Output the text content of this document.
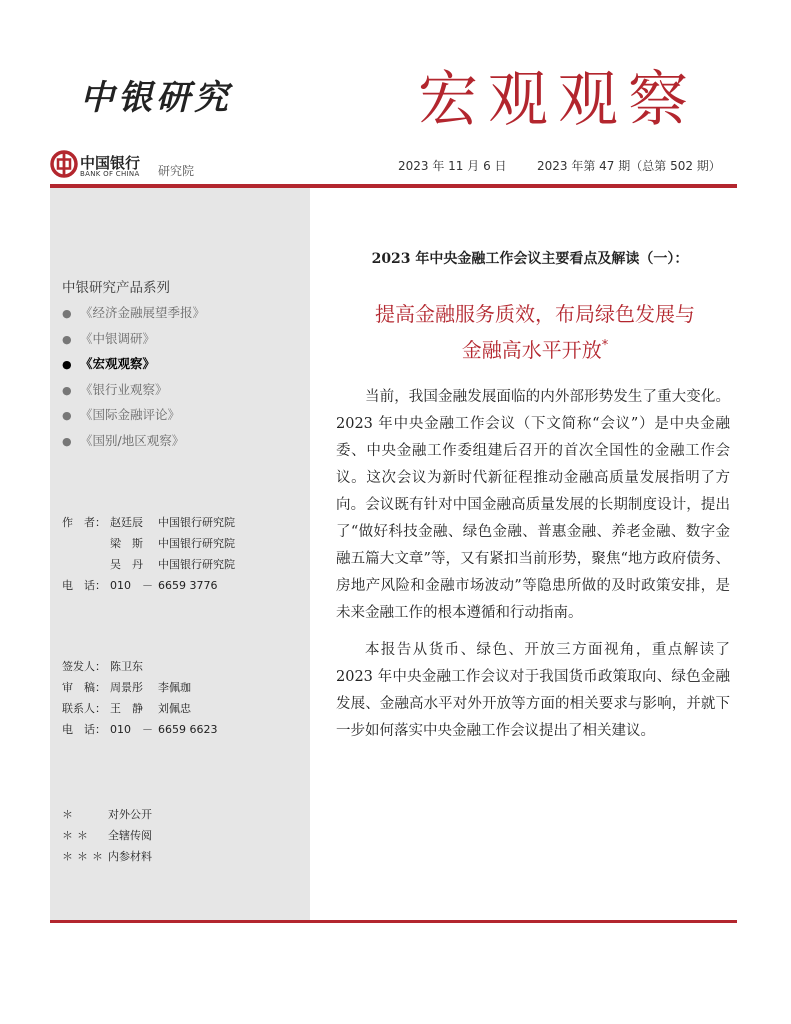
中银研究	宏观观察
中国银行
BANK OF CHINA 研究院	2023 年 11 月 6 日	2023 年第 47 期（总第 502 期）
中银研究产品系列
● 《经济金融展望季报》
● 《中银调研》
● 《宏观观察》
● 《银行业观察》
● 《国际金融评论》
● 《国别/地区观察》
作　者： 赵廷辰 中国银行研究院
梁　斯 中国银行研究院
吴　丹 中国银行研究院
电　话： 010　－ 6659 3776
签发人： 陈卫东
审　稿： 周景彤 李佩珈
联系人： 王　静 刘佩忠
电　话： 010　－ 6659 6623
＊	对外公开
＊＊ 全辖传阅
＊＊＊内参材料
2023 年中央金融工作会议主要看点及解读（一）：
提高金融服务质效，布局绿色发展与
金融高水平开放*

当前，我国金融发展面临的内外部形势发生了重大变化。2023 年中央金融工作会议（下文简称“会议”）是中央金融委、中央金融工作委组建后召开的首次全国性的金融工作会议。这次会议为新时代新征程推动金融高质量发展指明了方向。会议既有针对中国金融高质量发展的长期制度设计，提出了“做好科技金融、绿色金融、普惠金融、养老金融、数字金融五篇大文章”等，又有紧扣当前形势，聚焦“地方政府债务、房地产风险和金融市场波动”等隐患所做的及时政策安排，是未来金融工作的根本遵循和行动指南。

本报告从货币、绿色、开放三方面视角，重点解读了 2023 年中央金融工作会议对于我国货币政策取向、绿色金融发展、金融高水平对外开放等方面的相关要求与影响，并就下一步如何落实中央金融工作会议提出了相关建议。
